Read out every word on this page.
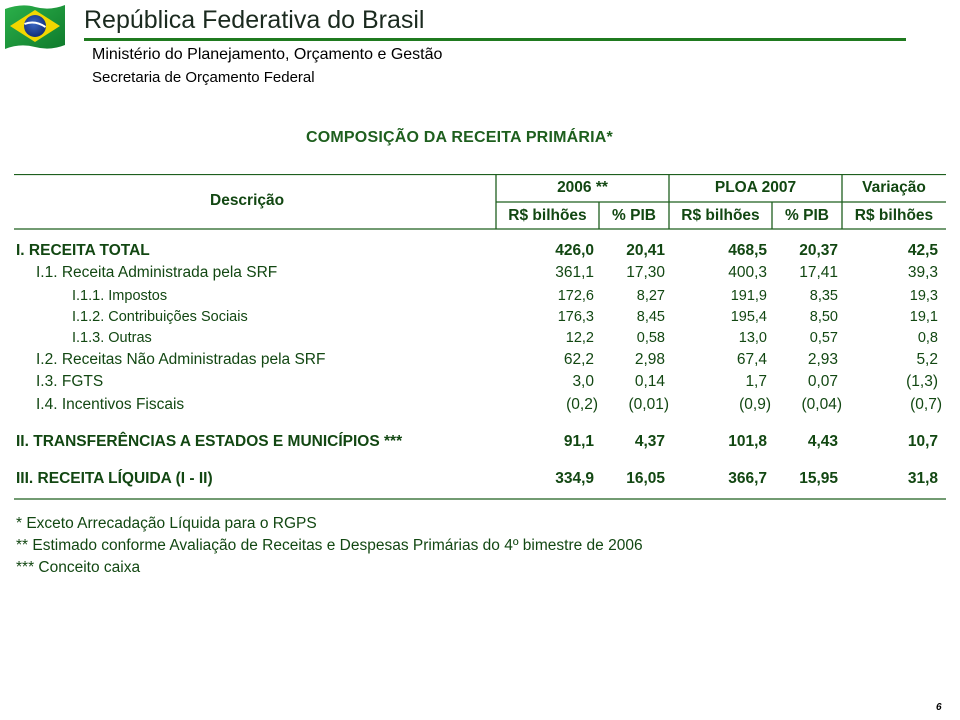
República Federativa do Brasil
Ministério do Planejamento, Orçamento e Gestão
Secretaria de Orçamento Federal
COMPOSIÇÃO DA RECEITA PRIMÁRIA*
Descrição
2006 **	PLOA 2007	Variação
R$ bilhões	% PIB	R$ bilhões	% PIB	R$ bilhões
I. RECEITA TOTAL	426,0	20,41	468,5	20,37	42,5
I.1. Receita Administrada pela SRF	361,1	17,30	400,3	17,41	39,3
I.1.1. Impostos	172,6	8,27	191,9	8,35	19,3
I.1.2. Contribuições Sociais	176,3	8,45	195,4	8,50	19,1
I.1.3. Outras	12,2	0,58	13,0	0,57	0,8
I.2. Receitas Não Administradas pela SRF	62,2	2,98	67,4	2,93	5,2
I.3. FGTS	3,0	0,14	1,7	0,07	(1,3)
I.4. Incentivos Fiscais	(0,2)	(0,01)	(0,9)	(0,04)	(0,7)
II. TRANSFERÊNCIAS A ESTADOS E MUNICÍPIOS ***	91,1	4,37	101,8	4,43	10,7
III. RECEITA LÍQUIDA (I - II)	334,9	16,05	366,7	15,95	31,8
* Exceto Arrecadação Líquida para o RGPS
** Estimado conforme Avaliação de Receitas e Despesas Primárias do 4º bimestre de 2006
*** Conceito caixa
6
